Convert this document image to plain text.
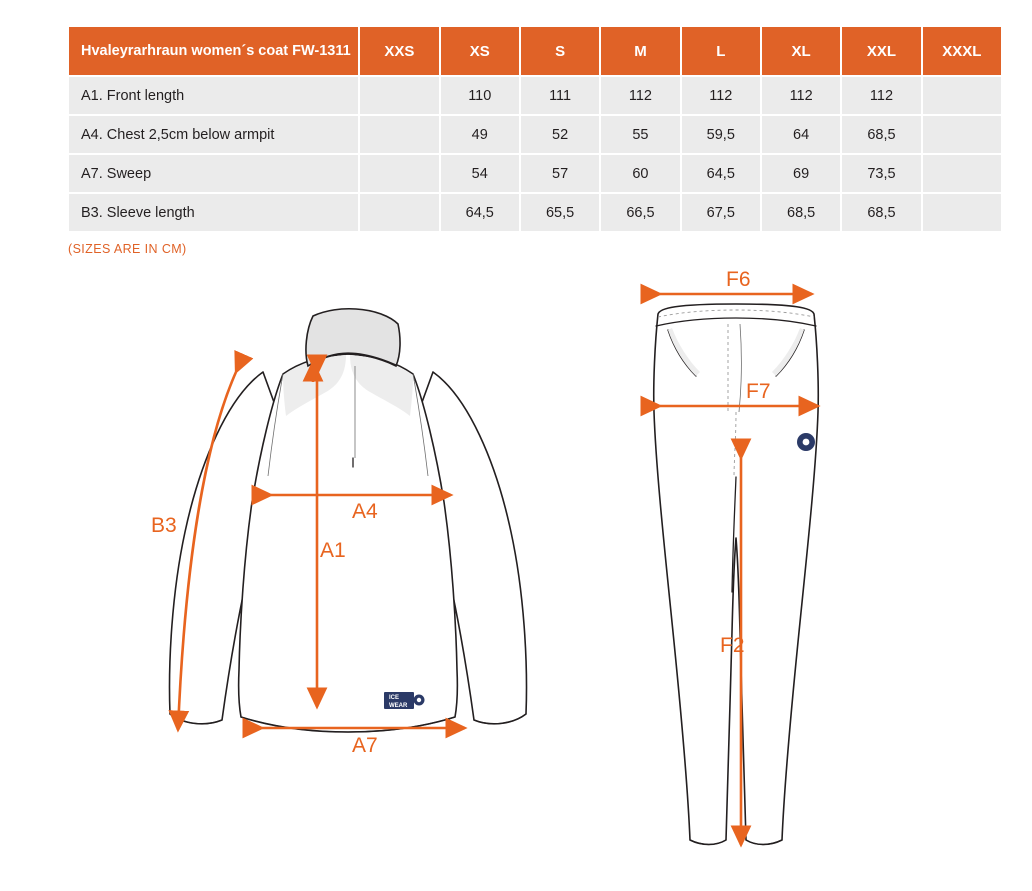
Hvaleyrarhraun women´s coat FW-1311	XXS	XS	S	M	L	XL	XXL	XXXL
A1. Front length		110	111	112	112	112	112	
A4. Chest 2,5cm below armpit		49	52	55	59,5	64	68,5	
A7. Sweep		54	57	60	64,5	69	73,5	
B3. Sleeve length		64,5	65,5	66,5	67,5	68,5	68,5	
(SIZES ARE IN CM)
ICE
WEAR
B3
A4
A1
A7
F6
F7
F2
